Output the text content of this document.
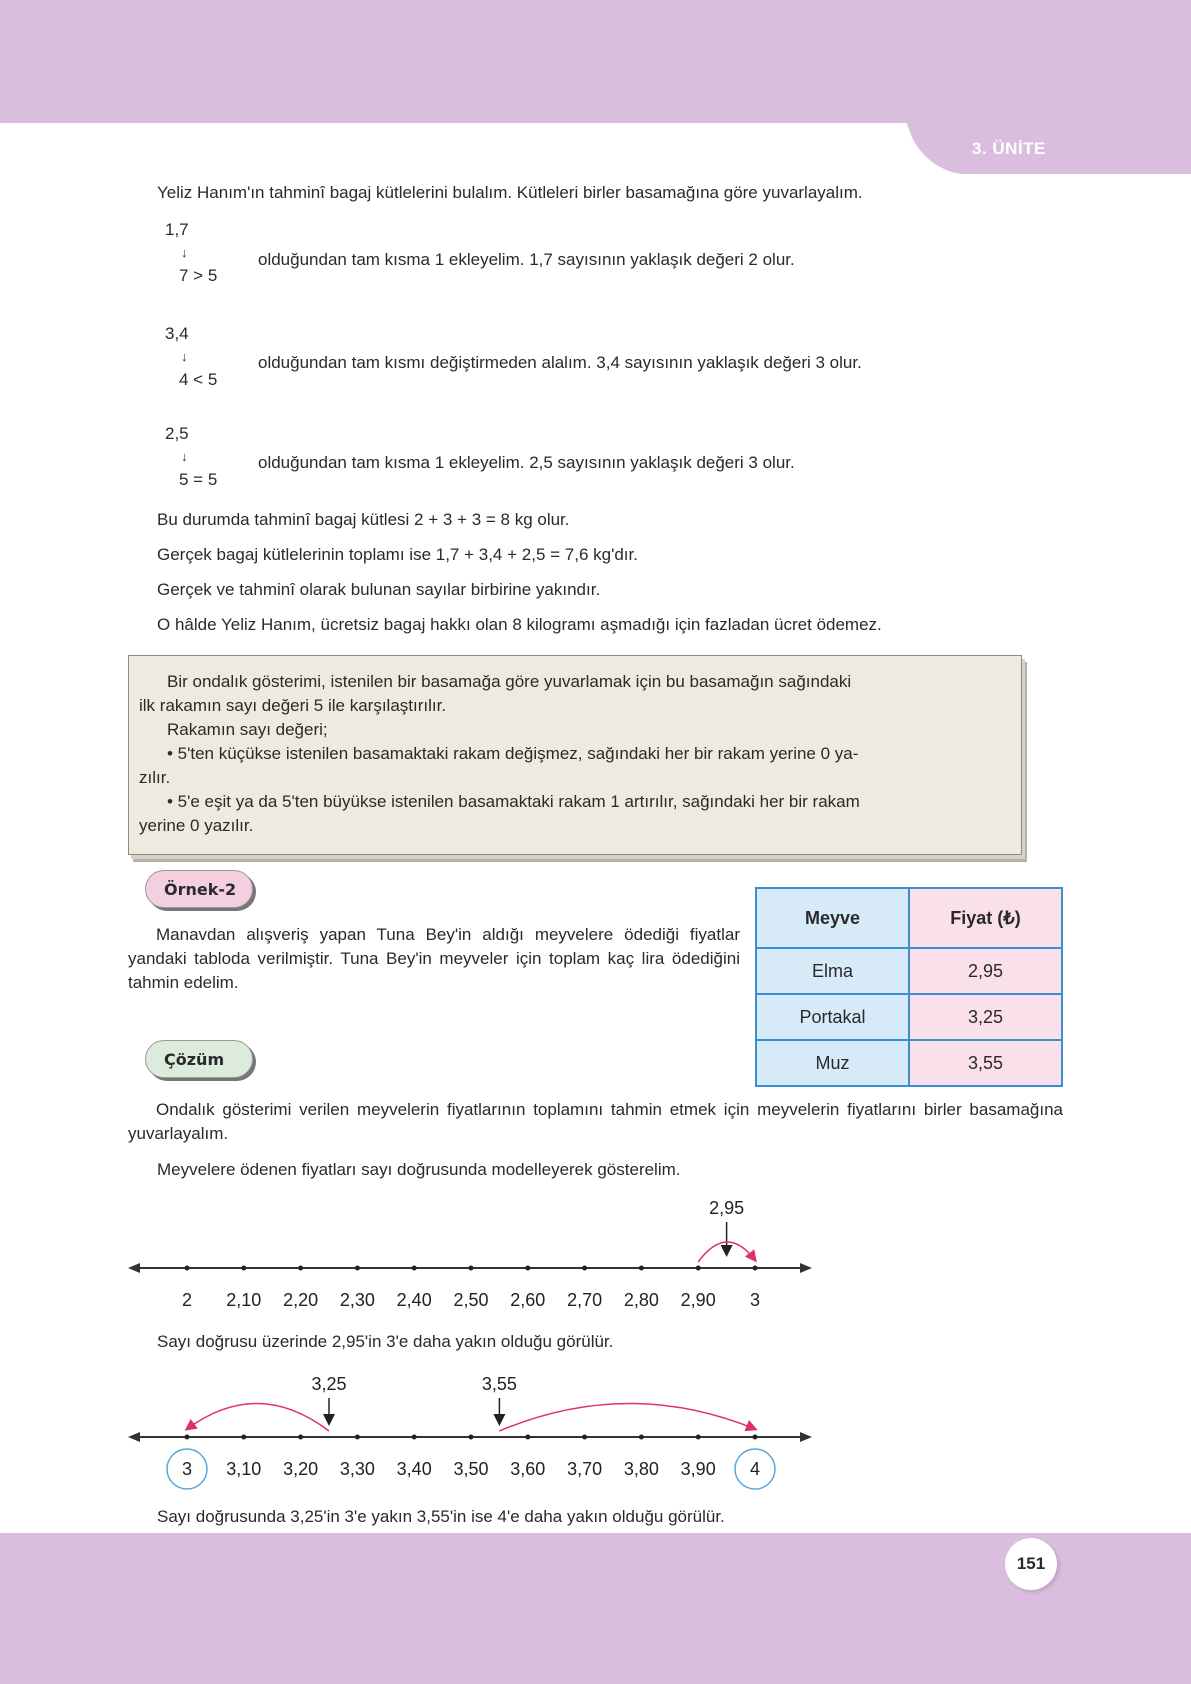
3. ÜNİTE
Yeliz Hanım'ın tahminî bagaj kütlelerini bulalım. Kütleleri birler basamağına göre yuvarlayalım.
1,7
↓
7 > 5
olduğundan tam kısma 1 ekleyelim. 1,7 sayısının yaklaşık değeri 2 olur.
3,4
↓
4 < 5
olduğundan tam kısmı değiştirmeden alalım. 3,4 sayısının yaklaşık değeri 3 olur.
2,5
↓
5 = 5
olduğundan tam kısma 1 ekleyelim. 2,5 sayısının yaklaşık değeri 3 olur.
Bu durumda tahminî bagaj kütlesi 2 + 3 + 3 = 8 kg olur.
Gerçek bagaj kütlelerinin toplamı ise 1,7 + 3,4 + 2,5 = 7,6 kg'dır.
Gerçek ve tahminî olarak bulunan sayılar birbirine yakındır.
O hâlde Yeliz Hanım, ücretsiz bagaj hakkı olan 8 kilogramı aşmadığı için fazladan ücret ödemez.

Bir ondalık gösterimi, istenilen bir basamağa göre yuvarlamak için bu basamağın sağındaki

ilk rakamın sayı değeri 5 ile karşılaştırılır.

Rakamın sayı değeri;

• 5'ten küçükse istenilen basamaktaki rakam değişmez, sağındaki her bir rakam yerine 0 ya-

zılır.

• 5'e eşit ya da 5'ten büyükse istenilen basamaktaki rakam 1 artırılır, sağındaki her bir rakam

yerine 0 yazılır.

Örnek-2
Manavdan alışveriş yapan Tuna Bey'in aldığı meyvelere ödediği fiyatlar yandaki tabloda verilmiştir. Tuna Bey'in meyveler için toplam kaç lira ödediğini tahmin edelim.
Meyve	Fiyat (₺)
Elma	2,95
Portakal	3,25
Muz	3,55
Çözüm
Ondalık gösterimi verilen meyvelerin fiyatlarının toplamını tahmin etmek için meyvelerin fiyatlarını birler basamağına yuvarlayalım.
Meyvelere ödenen fiyatları sayı doğrusunda modelleyerek gösterelim.
2 2,10 2,20 2,30 2,40 2,50 2,60 2,70 2,80 2,90 3
2,95
3 3,10 3,20 3,30 3,40 3,50 3,60 3,70 3,80 3,90 4
3,25	3,55
Sayı doğrusu üzerinde 2,95'in 3'e daha yakın olduğu görülür.
Sayı doğrusunda 3,25'in 3'e yakın 3,55'in ise 4'e daha yakın olduğu görülür.
151
